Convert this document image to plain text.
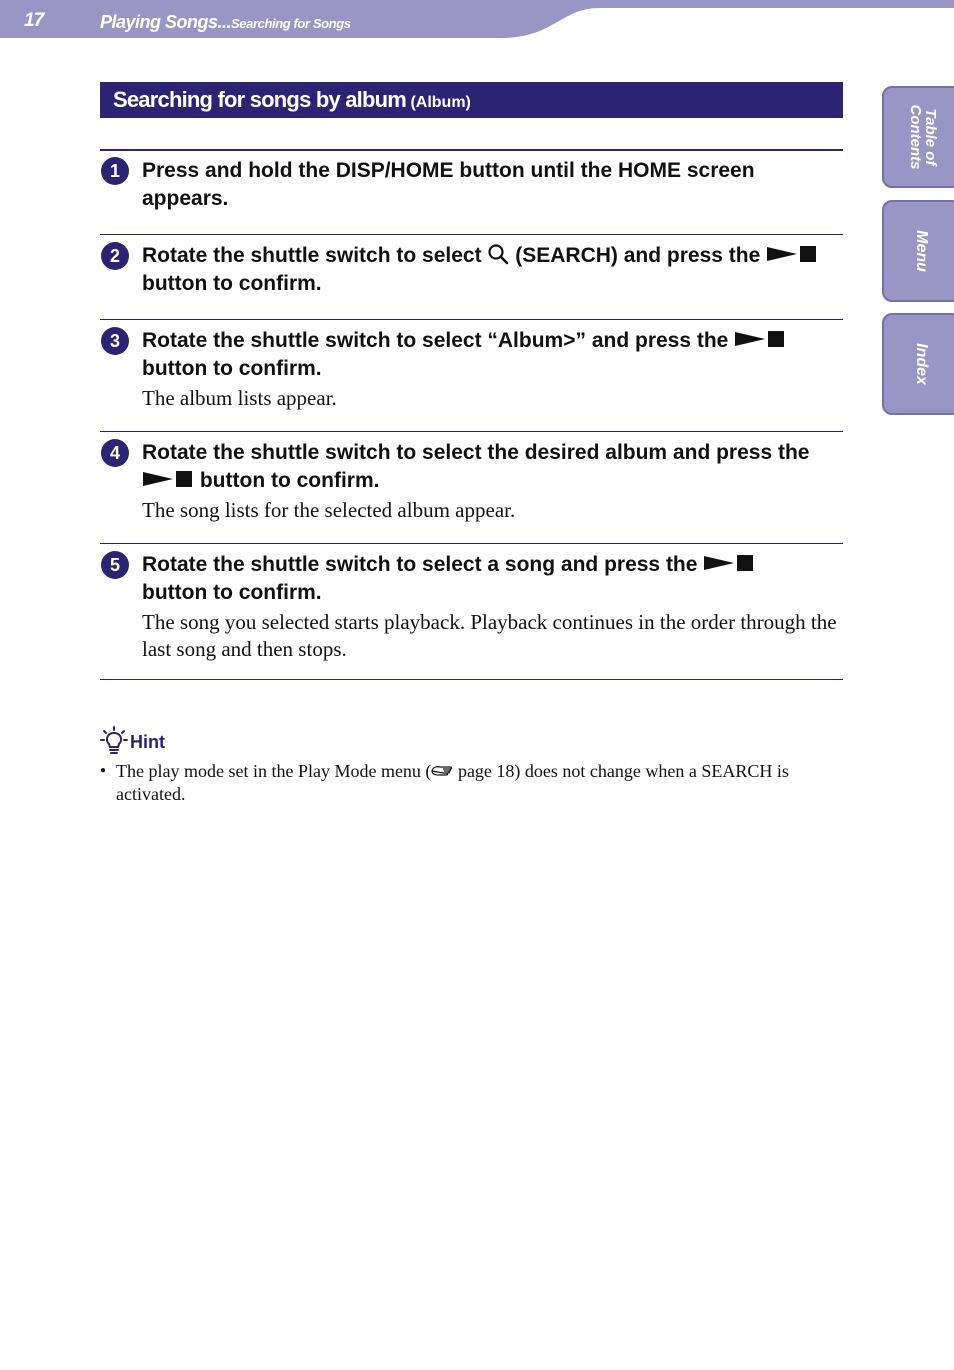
17	Playing Songs...Searching for Songs
Table of Contents
Menu
Index
Searching for songs by album (Album)
1	Press and hold the DISP/HOME button until the HOME screen appears.
2	Rotate the shuttle switch to select (SEARCH) and press the
button to confirm.
3	Rotate the shuttle switch to select “Album>” and press the
button to confirm.
The album lists appear.
4	Rotate the shuttle switch to select the desired album and press the
button to confirm.
The song lists for the selected album appear.
5	Rotate the shuttle switch to select a song and press the
button to confirm.
The song you selected starts playback. Playback continues in the order through the last song and then stops.
Hint
● The play mode set in the Play Mode menu ( page 18) does not change when a SEARCH is activated.
